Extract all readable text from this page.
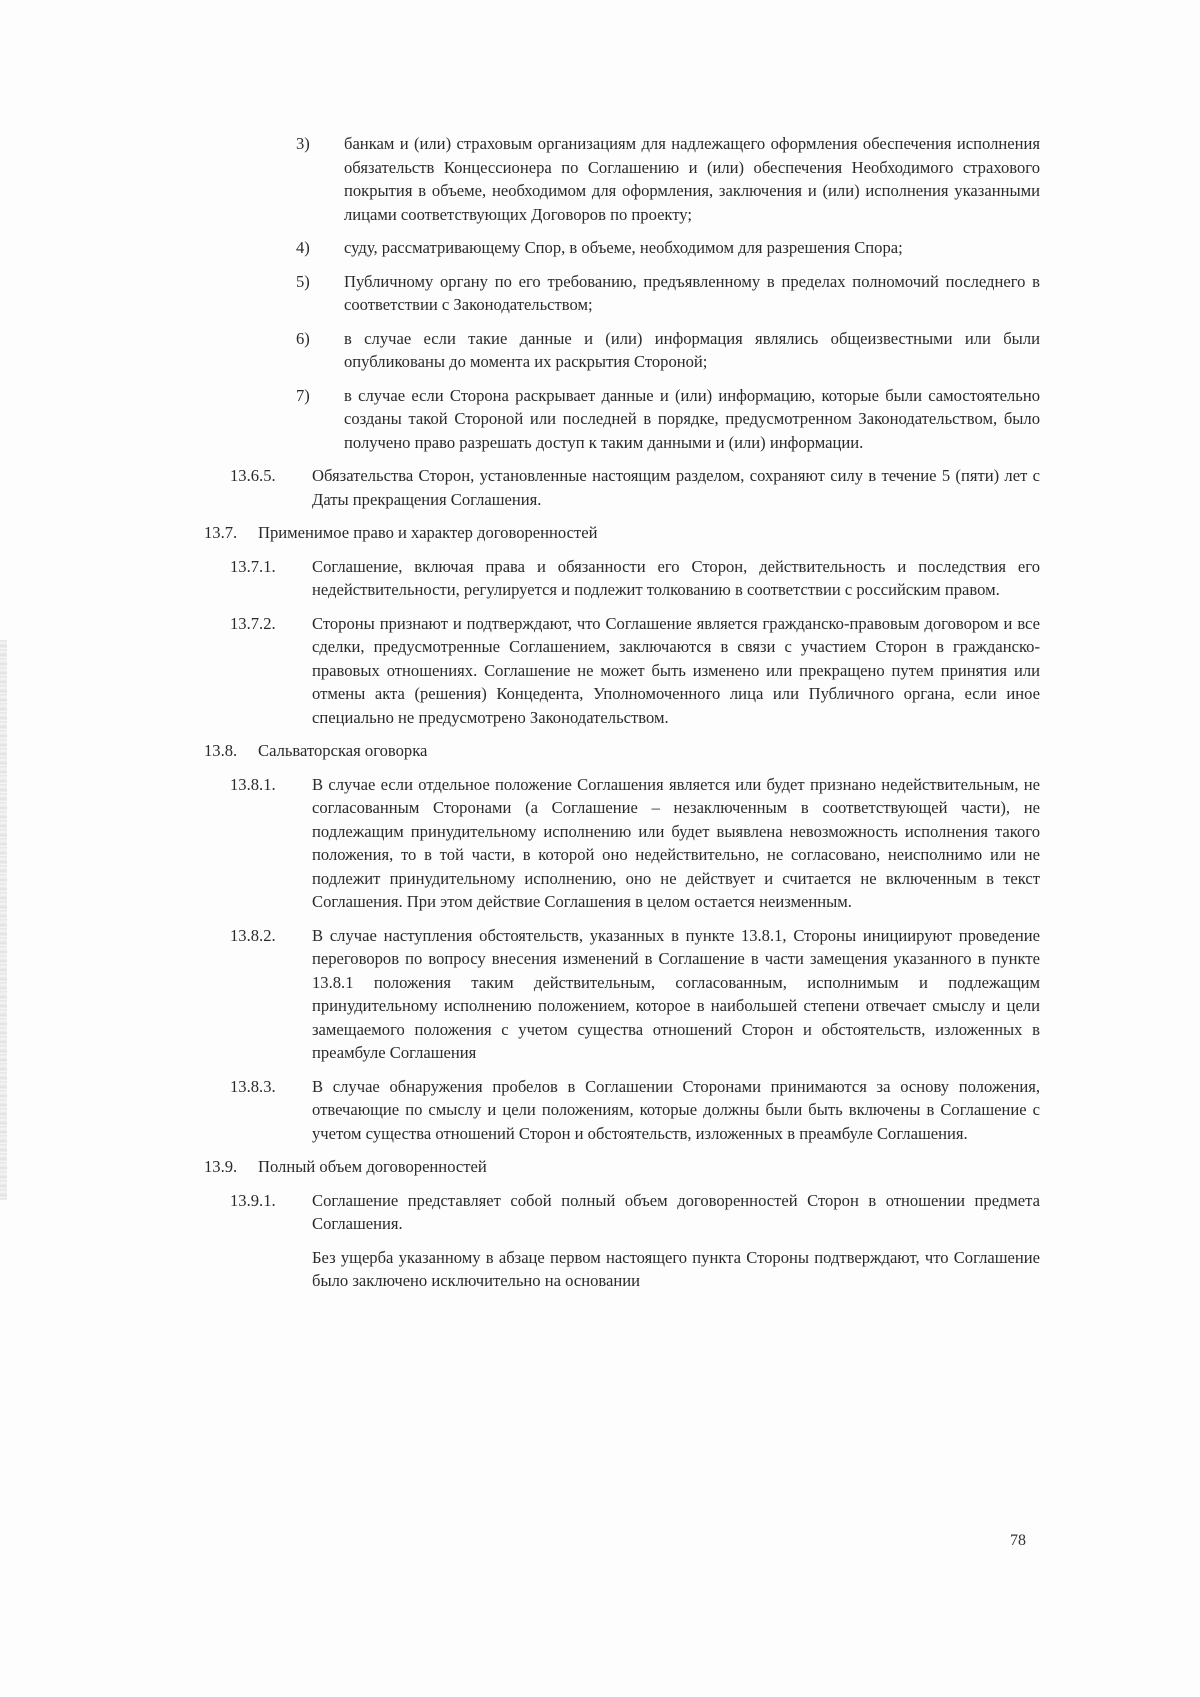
3) банкам и (или) страховым организациям для надлежащего оформления обеспечения исполнения обязательств Концессионера по Соглашению и (или) обеспечения Необходимого страхового покрытия в объеме, необходимом для оформления, заключения и (или) исполнения указанными лицами соответствующих Договоров по проекту;
4) суду, рассматривающему Спор, в объеме, необходимом для разрешения Спора;
5) Публичному органу по его требованию, предъявленному в пределах полномочий последнего в соответствии с Законодательством;
6) в случае если такие данные и (или) информация являлись общеизвестными или были опубликованы до момента их раскрытия Стороной;
7) в случае если Сторона раскрывает данные и (или) информацию, которые были самостоятельно созданы такой Стороной или последней в порядке, предусмотренном Законодательством, было получено право разрешать доступ к таким данными и (или) информации.
13.6.5. Обязательства Сторон, установленные настоящим разделом, сохраняют силу в течение 5 (пяти) лет с Даты прекращения Соглашения.
13.7. Применимое право и характер договоренностей
13.7.1. Соглашение, включая права и обязанности его Сторон, действительность и последствия его недействительности, регулируется и подлежит толкованию в соответствии с российским правом.
13.7.2. Стороны признают и подтверждают, что Соглашение является гражданско-правовым договором и все сделки, предусмотренные Соглашением, заключаются в связи с участием Сторон в гражданско-правовых отношениях. Соглашение не может быть изменено или прекращено путем принятия или отмены акта (решения) Концедента, Уполномоченного лица или Публичного органа, если иное специально не предусмотрено Законодательством.
13.8. Сальваторская оговорка
13.8.1. В случае если отдельное положение Соглашения является или будет признано недействительным, не согласованным Сторонами (а Соглашение – незаключенным в соответствующей части), не подлежащим принудительному исполнению или будет выявлена невозможность исполнения такого положения, то в той части, в которой оно недействительно, не согласовано, неисполнимо или не подлежит принудительному исполнению, оно не действует и считается не включенным в текст Соглашения. При этом действие Соглашения в целом остается неизменным.
13.8.2. В случае наступления обстоятельств, указанных в пункте 13.8.1, Стороны инициируют проведение переговоров по вопросу внесения изменений в Соглашение в части замещения указанного в пункте 13.8.1 положения таким действительным, согласованным, исполнимым и подлежащим принудительному исполнению положением, которое в наибольшей степени отвечает смыслу и цели замещаемого положения с учетом существа отношений Сторон и обстоятельств, изложенных в преамбуле Соглашения
13.8.3. В случае обнаружения пробелов в Соглашении Сторонами принимаются за основу положения, отвечающие по смыслу и цели положениям, которые должны были быть включены в Соглашение с учетом существа отношений Сторон и обстоятельств, изложенных в преамбуле Соглашения.
13.9. Полный объем договоренностей
13.9.1. Соглашение представляет собой полный объем договоренностей Сторон в отношении предмета Соглашения.
Без ущерба указанному в абзаце первом настоящего пункта Стороны подтверждают, что Соглашение было заключено исключительно на основании
78
